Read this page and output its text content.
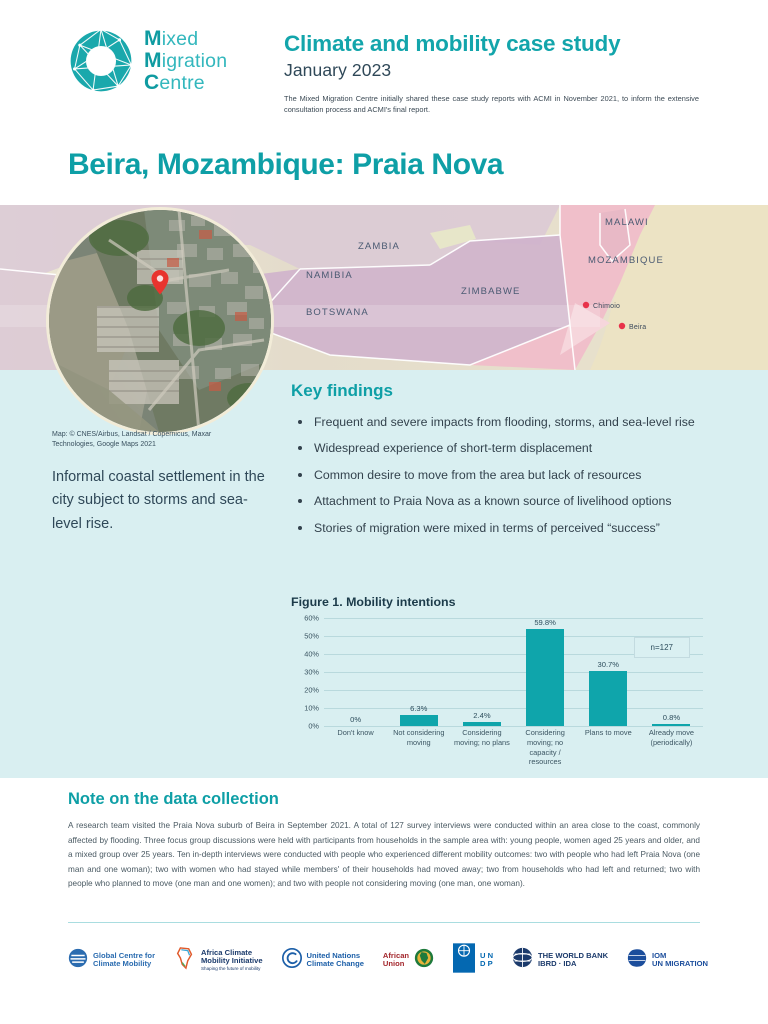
Mixed
Migration
Centre
Climate and mobility case study
January 2023
The Mixed Migration Centre initially shared these case study reports with ACMI in November 2021, to inform the extensive consultation process and ACMI's final report.
Beira, Mozambique: Praia Nova
ZAMBIA
NAMIBIA
BOTSWANA
ZIMBABWE
MALAWI
MOZAMBIQUE
Chimoio
Beira
Map: © CNES/Airbus, Landsat / Copernicus, Maxar Technologies, Google Maps 2021
Informal coastal settlement in the city subject to storms and sea-level rise.
Key findings
Frequent and severe impacts from flooding, storms, and sea-level rise
Widespread experience of short-term displacement
Common desire to move from the area but lack of resources
Attachment to Praia Nova as a known source of livelihood options
Stories of migration were mixed in terms of perceived “success”
Figure 1. Mobility intentions
0%
10%
20%
30%
40%
50%
60%
0%
6.3%
2.4%
59.8%
30.7%
0.8%
Don't know	Not considering moving
Considering moving; no plans
Considering moving; no capacity / resources
Plans to move	Already move (periodically)
n=127
Note on the data collection
A research team visited the Praia Nova suburb of Beira in September 2021. A total of 127 survey interviews were conducted within an area close to the coast, commonly affected by flooding. Three focus group discussions were held with participants from households in the sample area with: young people, women aged 25 years and older, and a mixed group over 25 years. Ten in-depth interviews were conducted with people who experienced different mobility outcomes: two with people who had left Praia Nova (one man and one woman); two with women who had stayed while members' of their households had moved away; two from households who had left and returned; two with people who planned to move (one man and one women); and two with people not considering moving (one man, one woman).
Global Centre for
Climate Mobility
Africa Climate
Mobility Initiative
Shaping the future of mobility
United Nations
Climate Change
African
Union
U N
D P
THE WORLD BANK
IBRD · IDA
IOM
UN MIGRATION
